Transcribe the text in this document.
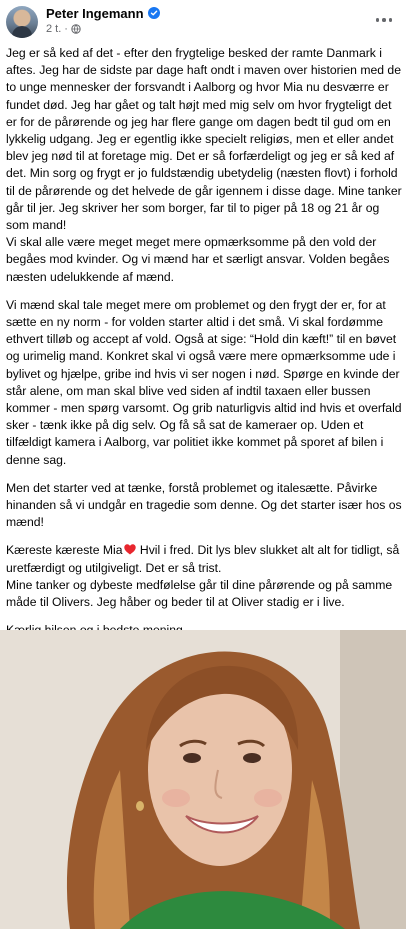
Peter Ingemann
2 t. ·

Jeg er så ked af det - efter den frygtelige besked der ramte Danmark i aftes. Jeg har de sidste par dage haft ondt i maven over historien med de to unge mennesker der forsvandt i Aalborg og hvor Mia nu desværre er fundet død. Jeg har gået og talt højt med mig selv om hvor frygteligt det er for de pårørende og jeg har flere gange om dagen bedt til gud om en lykkelig udgang. Jeg er egentlig ikke specielt religiøs, men et eller andet blev jeg nød til at foretage mig. Det er så forfærdeligt og jeg er så ked af det. Min sorg og frygt er jo fuldstændig ubetydelig (næsten flovt) i forhold til de pårørende og det helvede de går igennem i disse dage. Mine tanker går til jer. Jeg skriver her som borger, far til to piger på 18 og 21 år og som mand!
Vi skal alle være meget meget mere opmærksomme på den vold der begåes mod kvinder. Og vi mænd har et særligt ansvar. Volden begåes næsten udelukkende af mænd.

Vi mænd skal tale meget mere om problemet og den frygt der er, for at sætte en ny norm - for volden starter altid i det små. Vi skal fordømme ethvert tilløb og accept af vold. Også at sige: “Hold din kæft!” til en bøvet og urimelig mand. Konkret skal vi også være mere opmærksomme ude i bylivet og hjælpe, gribe ind hvis vi ser nogen i nød. Spørge en kvinde der står alene, om man skal blive ved siden af indtil taxaen eller bussen kommer - men spørg varsomt. Og grib naturligvis altid ind hvis et overfald sker - tænk ikke på dig selv. Og få så sat de kameraer op. Uden et tilfældigt kamera i Aalborg, var politiet ikke kommet på sporet af bilen i denne sag.

Men det starter ved at tænke, forstå problemet og italesætte. Påvirke hinanden så vi undgår en tragedie som denne. Og det starter især hos os mænd!

Kæreste kæreste Mia Hvil i fred. Dit lys blev slukket alt alt for tidligt, så uretfærdigt og utilgiveligt. Det er så trist.
Mine tanker og dybeste medfølelse går til dine pårørende og på samme måde til Olivers. Jeg håber og beder til at Oliver stadig er i live.
